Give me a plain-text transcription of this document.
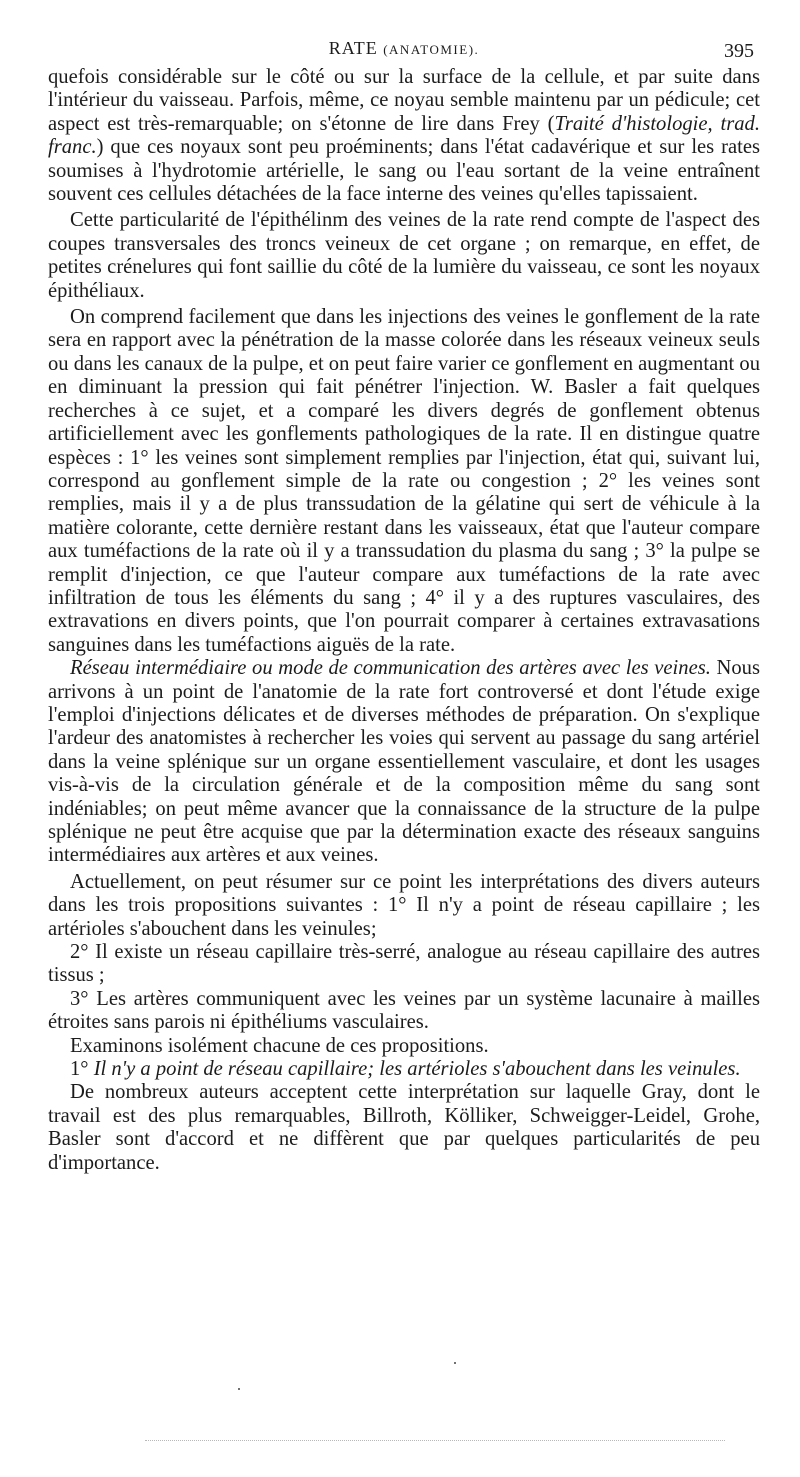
RATE (ANATOMIE).	395

quefois considérable sur le côté ou sur la surface de la cellule, et par suite dans l'intérieur du vaisseau. Parfois, même, ce noyau semble maintenu par un pédicule; cet aspect est très-remarquable; on s'étonne de lire dans Frey (Traité d'histologie, trad. franc.) que ces noyaux sont peu proéminents; dans l'état cadavérique et sur les rates soumises à l'hydrotomie artérielle, le sang ou l'eau sortant de la veine entraînent souvent ces cellules détachées de la face interne des veines qu'elles tapissaient.

Cette particularité de l'épithélinm des veines de la rate rend compte de l'aspect des coupes transversales des troncs veineux de cet organe ; on remarque, en effet, de petites crénelures qui font saillie du côté de la lumière du vaisseau, ce sont les noyaux épithéliaux.

On comprend facilement que dans les injections des veines le gonflement de la rate sera en rapport avec la pénétration de la masse colorée dans les réseaux veineux seuls ou dans les canaux de la pulpe, et on peut faire varier ce gonflement en augmentant ou en diminuant la pression qui fait pénétrer l'injection. W. Basler a fait quelques recherches à ce sujet, et a comparé les divers degrés de gonflement obtenus artificiellement avec les gonflements pathologiques de la rate. Il en distingue quatre espèces : 1° les veines sont simplement remplies par l'injection, état qui, suivant lui, correspond au gonflement simple de la rate ou congestion ; 2° les veines sont remplies, mais il y a de plus transsudation de la gélatine qui sert de véhicule à la matière colorante, cette dernière restant dans les vaisseaux, état que l'auteur compare aux tuméfactions de la rate où il y a transsudation du plasma du sang ; 3° la pulpe se remplit d'injection, ce que l'auteur compare aux tuméfactions de la rate avec infiltration de tous les éléments du sang ; 4° il y a des ruptures vasculaires, des extravations en divers points, que l'on pourrait comparer à certaines extravasations sanguines dans les tuméfactions aiguës de la rate.

Réseau intermédiaire ou mode de communication des artères avec les veines. Nous arrivons à un point de l'anatomie de la rate fort controversé et dont l'étude exige l'emploi d'injections délicates et de diverses méthodes de préparation. On s'explique l'ardeur des anatomistes à rechercher les voies qui servent au passage du sang artériel dans la veine splénique sur un organe essentiellement vasculaire, et dont les usages vis-à-vis de la circulation générale et de la composition même du sang sont indéniables; on peut même avancer que la connaissance de la structure de la pulpe splénique ne peut être acquise que par la détermination exacte des réseaux sanguins intermédiaires aux artères et aux veines.

Actuellement, on peut résumer sur ce point les interprétations des divers auteurs dans les trois propositions suivantes : 1° Il n'y a point de réseau capillaire ; les artérioles s'abouchent dans les veinules;

2° Il existe un réseau capillaire très-serré, analogue au réseau capillaire des autres tissus ;

3° Les artères communiquent avec les veines par un système lacunaire à mailles étroites sans parois ni épithéliums vasculaires.

Examinons isolément chacune de ces propositions.

1° Il n'y a point de réseau capillaire; les artérioles s'abouchent dans les veinules.

De nombreux auteurs acceptent cette interprétation sur laquelle Gray, dont le travail est des plus remarquables, Billroth, Kölliker, Schweigger-Leidel, Grohe, Basler sont d'accord et ne diffèrent que par quelques particularités de peu d'importance.
